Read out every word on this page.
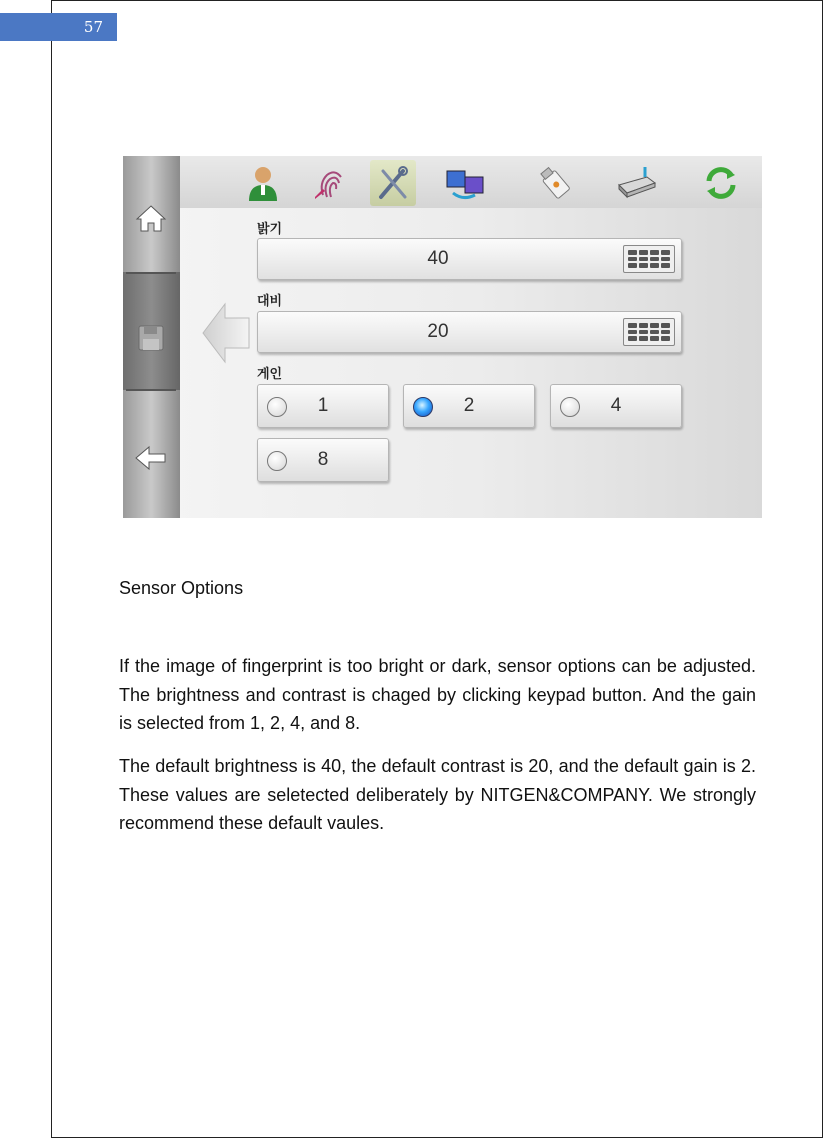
57
밝기
40
대비
20
게인
1	2	4
8
Sensor Options

If the image of fingerprint is too bright or dark, sensor options can be adjusted. The brightness and contrast is chaged by clicking keypad button. And the gain is selected from 1, 2, 4, and 8.

The default brightness is 40, the default contrast is 20, and the default gain is 2. These values are seletected deliberately by NITGEN&COMPANY. We strongly recommend these default vaules.
